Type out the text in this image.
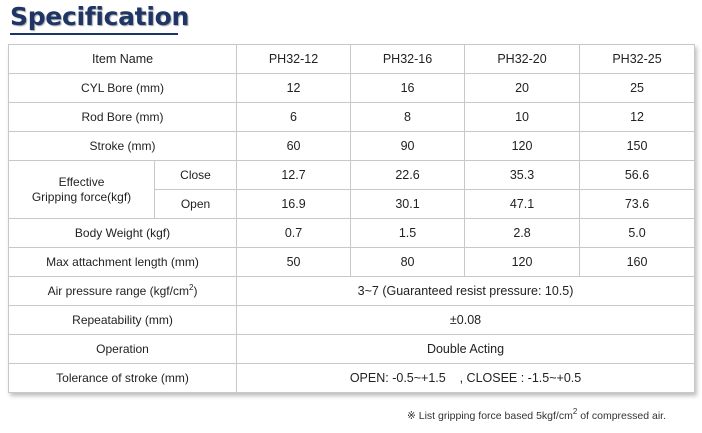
Specification
Item Name		PH32-12	PH32-16	PH32-20	PH32-25
CYL Bore (mm)		12	16	20	25
Rod Bore (mm)		6	8	10	12
Stroke (mm)		60	90	120	150
Effective
Gripping force(kgf)	Close	12.7	22.6	35.3	56.6
	Open	16.9	30.1	47.1	73.6
Body Weight (kgf)		0.7	1.5	2.8	5.0
Max attachment length (mm)		50	80	120	160
Air pressure range $(kgf/cm^2)$		3~7 (Guaranteed resist pressure: 10.5)			
Repeatability (mm)		±0.08			
Operation		Double Acting			
Tolerance of stroke (mm)		OPEN: -0.5~+1.5    , CLOSEE : -1.5~+0.5			
※ List gripping force based $5kgf/cm^2$ of compressed air.
